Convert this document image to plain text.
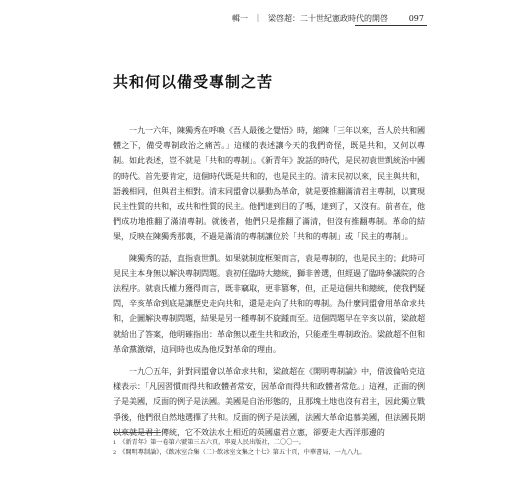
輯一 ｜ 梁啓超：二十世紀憲政時代的開啓	097
共和何以備受專制之苦

一九一六年，陳獨秀在呼喚《吾人最後之覺悟》時，縮陳「三年以來，吾人於共和國體之下，備受專制政治之痛苦。」這樣的表述讓今天的我們奇怪，既是共和，又何以專制。如此表述，豈不就是「共和的專制」。《新青年》說話的時代，是民初袁世凱統治中國的時代。首先要肯定，這個時代既是共和的，也是民主的。清末民初以來，民主與共和，語義相同，但與君主相對。清末同盟會以暴動為革命，就是要推翻滿清君主專制，以實現民主性質的共和，或共和性質的民主。他們達到目的了嗎，達到了，又沒有。前者在，他們成功地推翻了滿清專制。就後者，他們只是推翻了滿清，但沒有推翻專制。革命的結果，反映在陳獨秀那裏，不過是滿清的專制讓位於「共和的專制」或「民主的專制」。

陳獨秀的話，直指袁世凱。如果就制度框架而言，袁是專制的，也是民主的；此時可見民主本身無以解決專制問題。袁初任臨時大總統，獅非普選，但經過了臨時參議院的合法程序。就袁氏權力獲得而言，既非竊取，更非篡奪，但，正是這個共和總統，使我們疑問，辛亥革命到底是讓歷史走向共和，還是走向了共和的專制。為什麼同盟會用革命求共和，企圖解決專制問題，結果是另一種專制不旋踵而至。這個問題早在辛亥以前，梁啟超就給出了答案，他明確指出：革命無以產生共和政治，只能產生專制政治。梁啟超不但和革命黨激辯，這同時也成為他反對革命的理由。

一九〇五年，針對同盟會以革命求共和，梁啟超在《開明專制論》中，借波倫哈克這樣表示：「凡因習慣而得共和政體者常安，因革命而得共和政體者常危。」這裡，正面的例子是美國，反面的例子是法國。美國是自治形態的，且那塊土地也沒有君主，因此獨立戰爭後，他們很自然地選擇了共和。反面的例子是法國，法國大革命追慕美國，但法國長期以來就是君主傳統，它不效法水土相近的英國虛君立憲，卻要走大西洋那邊的

$^1$ 《新青年》第一卷第六號第三五六頁，寧夏人民出版社，二〇〇一。
$^2$ 《開明專制論》，《飲冰室合集（二）·飲冰室文集之十七》第五十頁，中華書局，一九八九。
